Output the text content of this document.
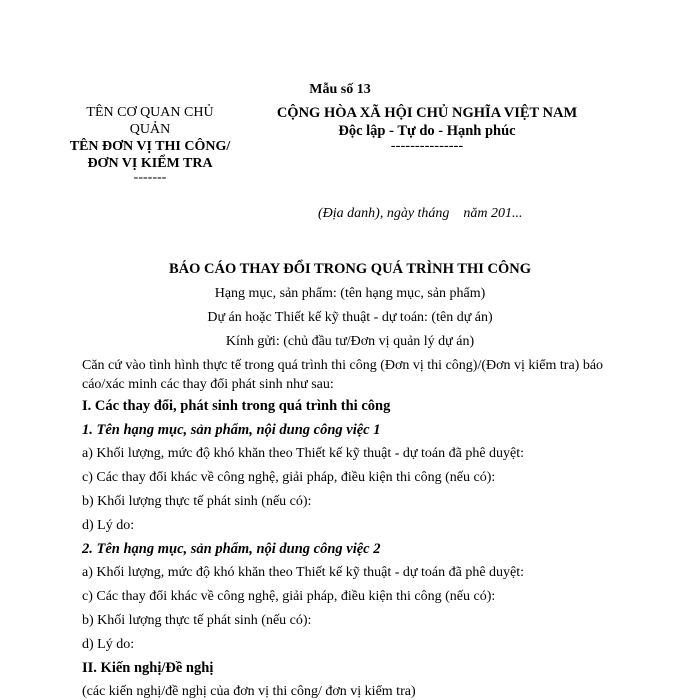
Mẫu số 13
TÊN CƠ QUAN CHỦ
QUẢN
TÊN ĐƠN VỊ THI CÔNG/
ĐƠN VỊ KIỂM TRA
-------
CỘNG HÒA XÃ HỘI CHỦ NGHĨA VIỆT NAM
Độc lập - Tự do - Hạnh phúc
---------------
(Địa danh), ngày tháng    năm 201...
BÁO CÁO THAY ĐỔI TRONG QUÁ TRÌNH THI CÔNG
Hạng mục, sản phẩm: (tên hạng mục, sản phẩm)
Dự án hoặc Thiết kế kỹ thuật - dự toán: (tên dự án)
Kính gửi: (chủ đầu tư/Đơn vị quản lý dự án)
Căn cứ vào tình hình thực tế trong quá trình thi công (Đơn vị thi công)/(Đơn vị kiểm tra) báo cáo/xác minh các thay đổi phát sinh như sau:
I. Các thay đổi, phát sinh trong quá trình thi công
1. Tên hạng mục, sản phẩm, nội dung công việc 1
a) Khối lượng, mức độ khó khăn theo Thiết kế kỹ thuật - dự toán đã phê duyệt:
c) Các thay đổi khác về công nghệ, giải pháp, điều kiện thi công (nếu có):
b) Khối lượng thực tế phát sinh (nếu có):
d) Lý do:
2. Tên hạng mục, sản phẩm, nội dung công việc 2
a) Khối lượng, mức độ khó khăn theo Thiết kế kỹ thuật - dự toán đã phê duyệt:
c) Các thay đổi khác về công nghệ, giải pháp, điều kiện thi công (nếu có):
b) Khối lượng thực tế phát sinh (nếu có):
d) Lý do:
II. Kiến nghị/Đề nghị
(các kiến nghị/đề nghị của đơn vị thi công/ đơn vị kiểm tra)
